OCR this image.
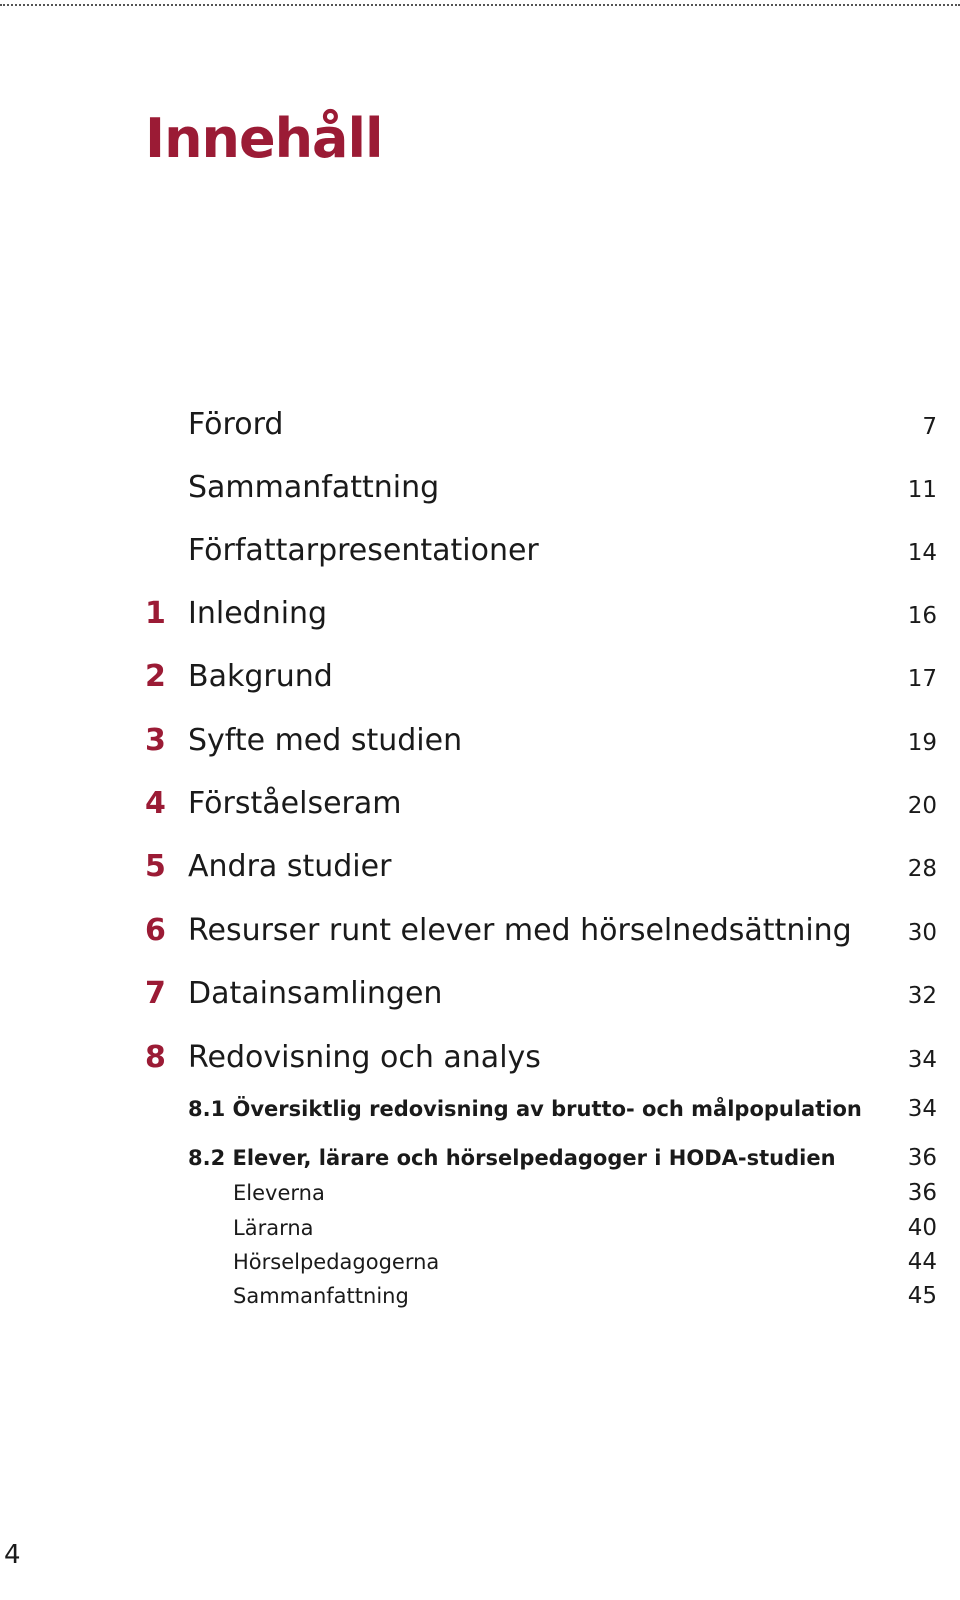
Innehåll
Förord	7
Sammanfattning	11
Författarpresentationer	14
1 Inledning	16
2 Bakgrund	17
3 Syfte med studien	19
4 Förståelseram	20
5 Andra studier	28
6 Resurser runt elever med hörselnedsättning 30
7 Datainsamlingen	32
8 Redovisning och analys	34
8.1 Översiktlig redovisning av brutto- och målpopulation 34
8.2 Elever, lärare och hörselpedagoger i HODA-studien	36
Eleverna	36
Lärarna	40
Hörselpedagogerna	44
Sammanfattning	45
4
